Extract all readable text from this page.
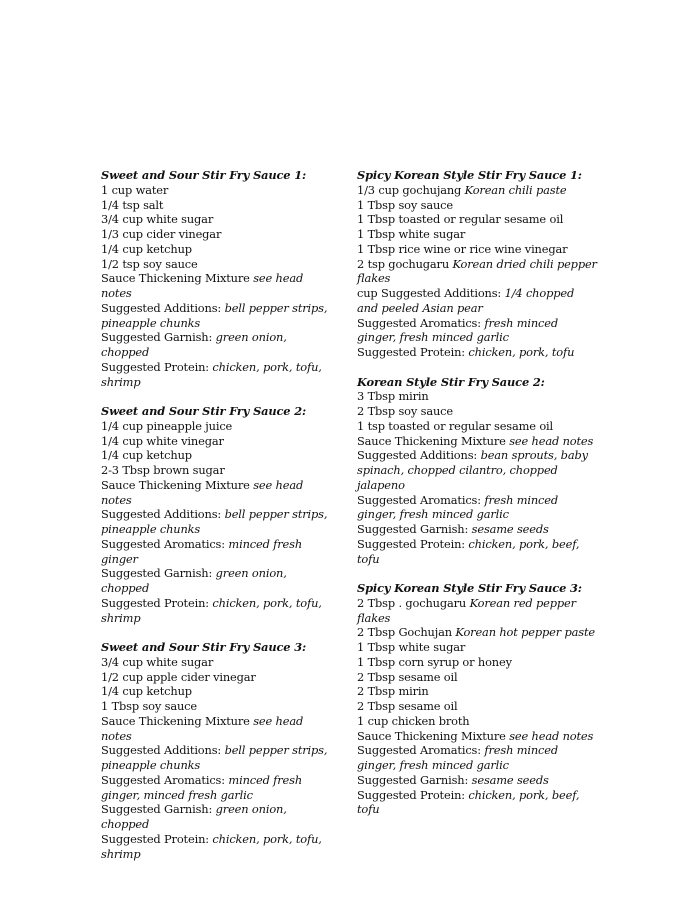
Sweet and Sour Stir Fry Sauce 1:
1 cup water
1/4 tsp salt
3/4 cup white sugar
1/3 cup cider vinegar
1/4 cup ketchup
1/2 tsp soy sauce
Sauce Thickening Mixture see head notes
Suggested Additions: bell pepper strips, pineapple chunks
Suggested Garnish: green onion, chopped
Suggested Protein: chicken, pork, tofu, shrimp
Sweet and Sour Stir Fry Sauce 2:
1/4 cup pineapple juice
1/4 cup white vinegar
1/4 cup ketchup
2-3 Tbsp brown sugar
Sauce Thickening Mixture see head notes
Suggested Additions: bell pepper strips, pineapple chunks
Suggested Aromatics: minced fresh ginger
Suggested Garnish: green onion, chopped
Suggested Protein: chicken, pork, tofu, shrimp
Sweet and Sour Stir Fry Sauce 3:
3/4 cup white sugar
1/2 cup apple cider vinegar
1/4 cup ketchup
1 Tbsp soy sauce
Sauce Thickening Mixture see head notes
Suggested Additions: bell pepper strips, pineapple chunks
Suggested Aromatics: minced fresh ginger, minced fresh garlic
Suggested Garnish: green onion, chopped
Suggested Protein: chicken, pork, tofu, shrimp
Spicy Korean Style Stir Fry Sauce 1:
1/3 cup gochujang Korean chili paste
1 Tbsp soy sauce
1 Tbsp toasted or regular sesame oil
1 Tbsp white sugar
1 Tbsp rice wine or rice wine vinegar
2 tsp gochugaru Korean dried chili pepper flakes
cup Suggested Additions: 1/4 chopped and peeled Asian pear
Suggested Aromatics: fresh minced ginger, fresh minced garlic
Suggested Protein: chicken, pork, tofu
Korean Style Stir Fry Sauce 2:
3 Tbsp mirin
2 Tbsp soy sauce
1 tsp toasted or regular sesame oil
Sauce Thickening Mixture see head notes
Suggested Additions: bean sprouts, baby spinach, chopped cilantro, chopped jalapeno
Suggested Aromatics: fresh minced ginger, fresh minced garlic
Suggested Garnish: sesame seeds
Suggested Protein: chicken, pork, beef, tofu
Spicy Korean Style Stir Fry Sauce 3:
2 Tbsp . gochugaru Korean red pepper flakes
2 Tbsp Gochujan Korean hot pepper paste
1 Tbsp white sugar
1 Tbsp corn syrup or honey
2 Tbsp sesame oil
2 Tbsp mirin
2 Tbsp sesame oil
1 cup chicken broth
Sauce Thickening Mixture see head notes
Suggested Aromatics: fresh minced ginger, fresh minced garlic
Suggested Garnish: sesame seeds
Suggested Protein: chicken, pork, beef, tofu
